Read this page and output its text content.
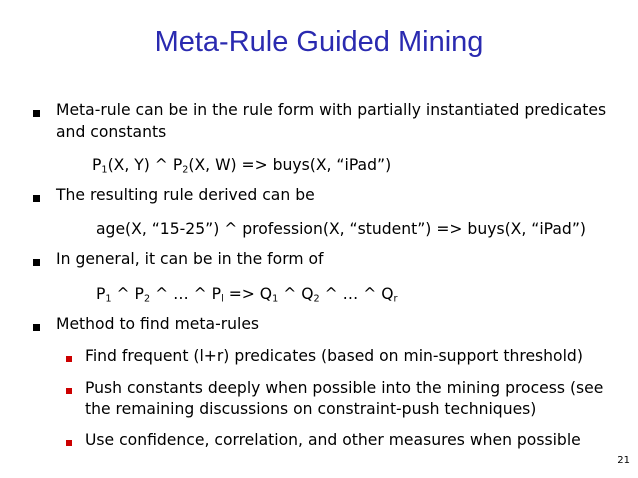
Meta-Rule Guided Mining
Meta-rule can be in the rule form with partially instantiated predicates
and constants
$P_1(X$, Y) ^ $P_2(X$, W) => buys(X, “iPad”)
The resulting rule derived can be
age(X, “15-25”) ^ profession(X, “student”) => buys(X, “iPad”)
In general, it can be in the form of
$P_1$ ^ $P_2$ ^ … ^ $P_l => Q_1$ ^ $Q_2$ ^ … ^ $Q_r$
Method to find meta-rules
Find frequent (l+r) predicates (based on min-support threshold)
Push constants deeply when possible into the mining process (see
the remaining discussions on constraint-push techniques)
Use confidence, correlation, and other measures when possible
21
